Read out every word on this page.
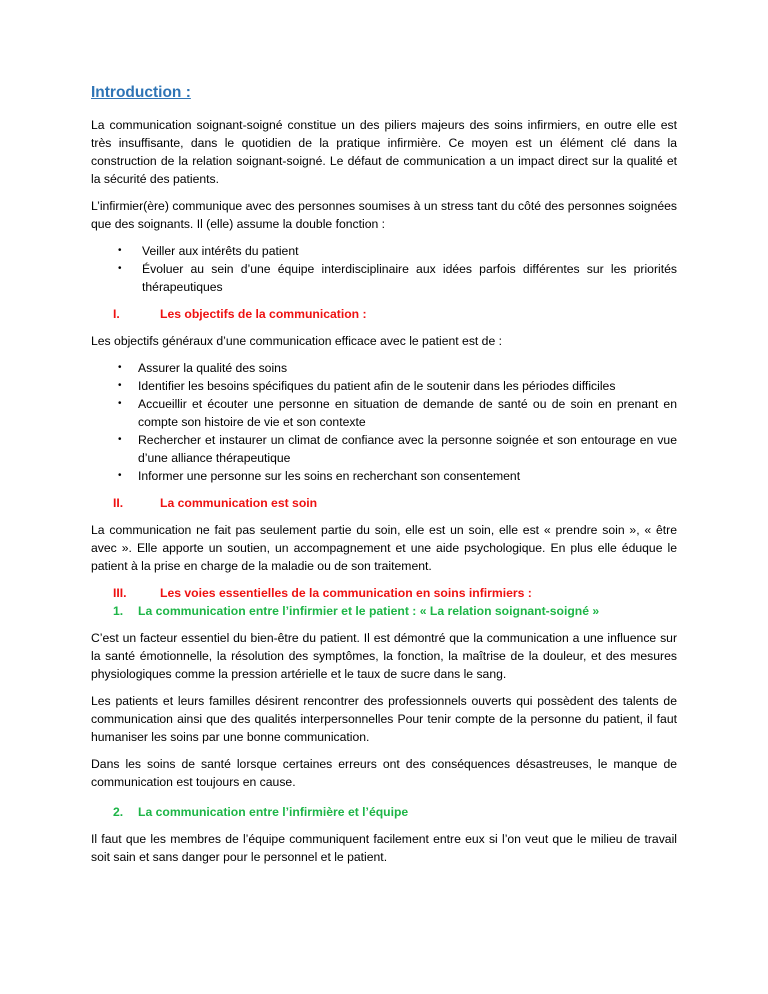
Introduction :

La communication soignant-soigné constitue un des piliers majeurs des soins infirmiers, en outre elle est très insuffisante, dans le quotidien de la pratique infirmière. Ce moyen est un élément clé dans la construction de la relation soignant-soigné. Le défaut de communication a un impact direct sur la qualité et la sécurité des patients.

L’infirmier(ère) communique avec des personnes soumises à un stress tant du côté des personnes soignées que des soignants. Il (elle) assume la double fonction :

• Veiller aux intérêts du patient
• Évoluer au sein d’une équipe interdisciplinaire aux idées parfois différentes sur les priorités thérapeutiques
I.	Les objectifs de la communication :

Les objectifs généraux d’une communication efficace avec le patient est de :

• Assurer la qualité des soins
• Identifier les besoins spécifiques du patient afin de le soutenir dans les périodes difficiles
• Accueillir et écouter une personne en situation de demande de santé ou de soin en prenant en compte son histoire de vie et son contexte
• Rechercher et instaurer un climat de confiance avec la personne soignée et son entourage en vue d’une alliance thérapeutique
• Informer une personne sur les soins en recherchant son consentement
II.	La communication est soin

La communication ne fait pas seulement partie du soin, elle est un soin, elle est « prendre soin », « être avec ». Elle apporte un soutien, un accompagnement et une aide psychologique. En plus elle éduque le patient à la prise en charge de la maladie ou de son traitement.

III.	Les voies essentielles de la communication en soins infirmiers :
1. La communication entre l’infirmier et le patient : « La relation soignant-soigné »

C’est un facteur essentiel du bien-être du patient. Il est démontré que la communication a une influence sur la santé émotionnelle, la résolution des symptômes, la fonction, la maîtrise de la douleur, et des mesures physiologiques comme la pression artérielle et le taux de sucre dans le sang.

Les patients et leurs familles désirent rencontrer des professionnels ouverts qui possèdent des talents de communication ainsi que des qualités interpersonnelles Pour tenir compte de la personne du patient, il faut humaniser les soins par une bonne communication.

Dans les soins de santé lorsque certaines erreurs ont des conséquences désastreuses, le manque de communication est toujours en cause.

2. La communication entre l’infirmière et l’équipe

Il faut que les membres de l’équipe communiquent facilement entre eux si l’on veut que le milieu de travail soit sain et sans danger pour le personnel et le patient.
